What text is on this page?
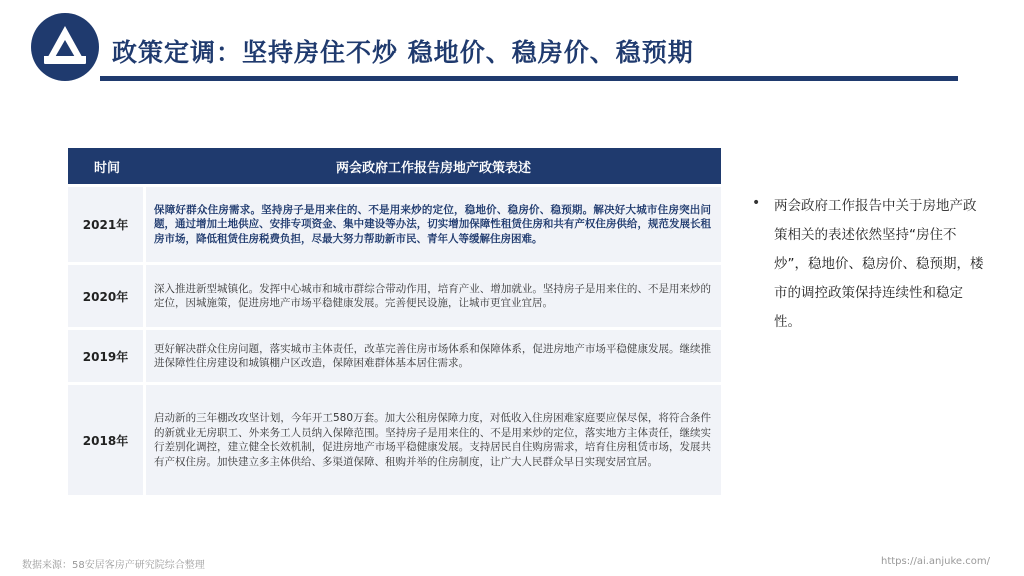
政策定调：坚持房住不炒 稳地价、稳房价、稳预期
时间	两会政府工作报告房地产政策表述
2021年	保障好群众住房需求。坚持房子是用来住的、不是用来炒的定位，稳地价、稳房价、稳预期。解决好大城市住房突出问题，通过增加土地供应、安排专项资金、集中建设等办法，切实增加保障性租赁住房和共有产权住房供给，规范发展长租房市场，降低租赁住房税费负担，尽最大努力帮助新市民、青年人等缓解住房困难。
2020年	深入推进新型城镇化。发挥中心城市和城市群综合带动作用，培育产业、增加就业。坚持房子是用来住的、不是用来炒的定位，因城施策，促进房地产市场平稳健康发展。完善便民设施，让城市更宜业宜居。
2019年	更好解决群众住房问题，落实城市主体责任，改革完善住房市场体系和保障体系，促进房地产市场平稳健康发展。继续推进保障性住房建设和城镇棚户区改造，保障困难群体基本居住需求。
2018年	启动新的三年棚改攻坚计划，今年开工580万套。加大公租房保障力度，对低收入住房困难家庭要应保尽保，将符合条件的新就业无房职工、外来务工人员纳入保障范围。坚持房子是用来住的、不是用来炒的定位，落实地方主体责任，继续实行差别化调控，建立健全长效机制，促进房地产市场平稳健康发展。支持居民自住购房需求，培育住房租赁市场，发展共有产权住房。加快建立多主体供给、多渠道保障、租购并举的住房制度，让广大人民群众早日实现安居宜居。
• 两会政府工作报告中关于房地产政策相关的表述依然坚持“房住不炒”，稳地价、稳房价、稳预期，楼市的调控政策保持连续性和稳定性。
数据来源：58安居客房产研究院综合整理	https://ai.anjuke.com/
